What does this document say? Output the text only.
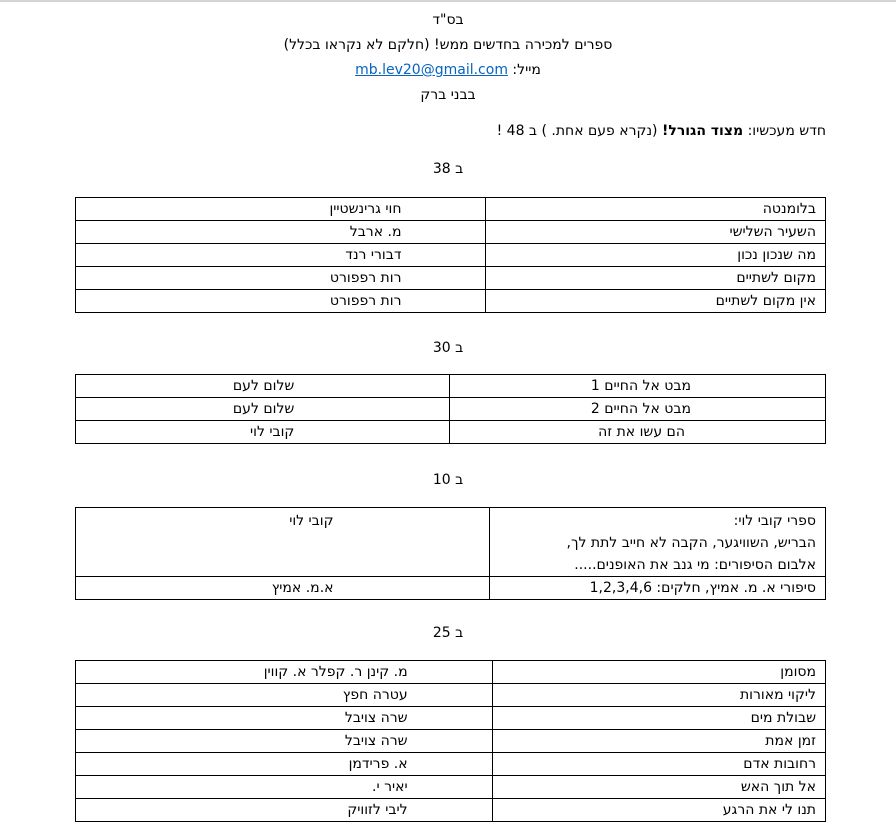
בס"ד
ספרים למכירה בחדשים ממש! (חלקם לא נקראו בכלל)
מייל: mb.lev20@gmail.com
בבני ברק
חדש מעכשיו: מצוד הגורל! (נקרא פעם אחת. ) ב 48 !
ב 38
בלומנטה	חוי גרינשטיין
השעיר השלישי	מ. ארבל
מה שנכון נכון	דבורי רנד
מקום לשתיים	רות רפפורט
אין מקום לשתיים	רות רפפורט
ב 30
מבט אל החיים 1	שלום לעם
מבט אל החיים 2	שלום לעם
הם עשו את זה	קובי לוי
ב 10
ספרי קובי לוי:
הבריש, השוויגער, הקבה לא חייב לתת לך,
אלבום הסיפורים: מי גנב את האופנים.....	קובי לוי
סיפורי א. מ. אמיץ, חלקים: 1,2,3,4,6	א.מ. אמיץ
ב 25
מסומן	מ. קינן ר. קפלר א. קווין
ליקוי מאורות	עטרה חפץ
שבולת מים	שרה צויבל
זמן אמת	שרה צויבל
רחובות אדם	א. פרידמן
אל תוך האש	יאיר י.
תנו לי את הרגע	ליבי לזוויק
